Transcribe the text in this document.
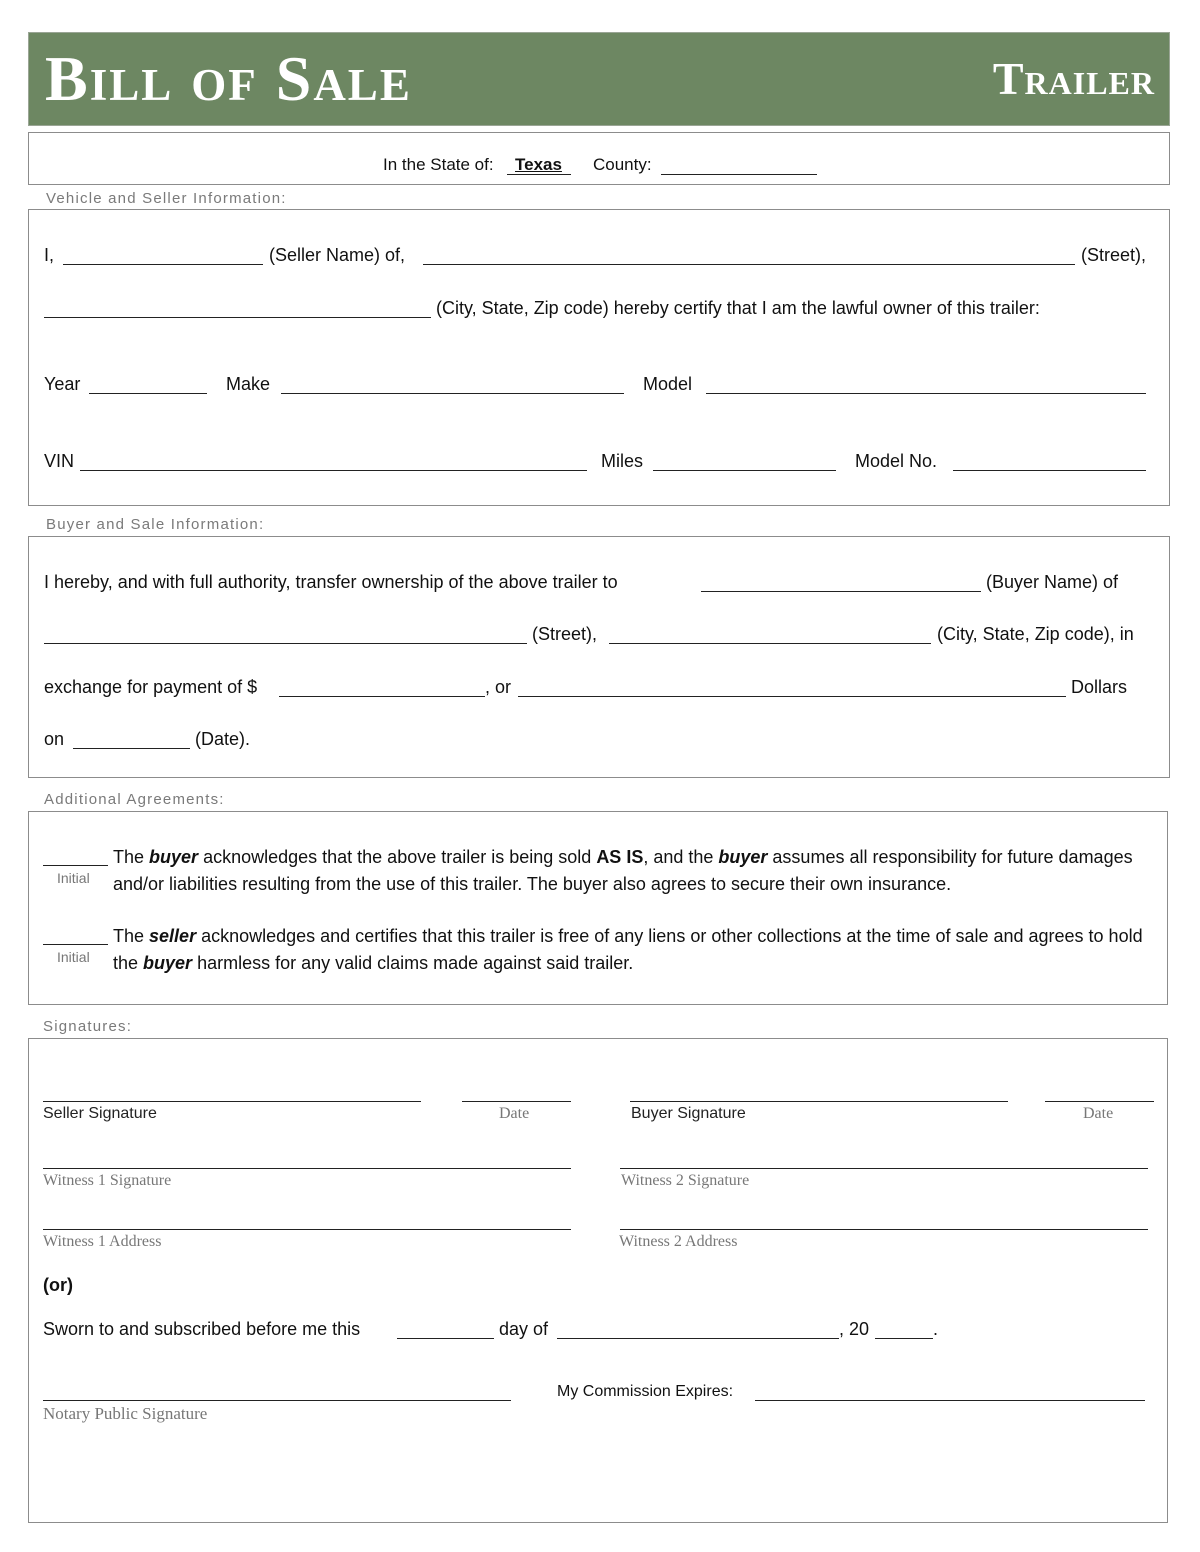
Bill of Sale	Trailer
In the State of: Texas County:
Vehicle and Seller Information:
I,	(Seller Name) of,	(Street),
(City, State, Zip code) hereby certify that I am the lawful owner of this trailer:
Year	Make	Model
VIN	Miles	Model No.
Buyer and Sale Information:
I hereby, and with full authority, transfer ownership of the above trailer to	(Buyer Name) of
(Street),	(City, State, Zip code), in
exchange for payment of $	, or	Dollars
on	(Date).
Additional Agreements:
Initial
The buyer acknowledges that the above trailer is being sold AS IS, and the buyer assumes all responsibility for future damages and/or liabilities resulting from the use of this trailer. The buyer also agrees to secure their own insurance.
Initial
The seller acknowledges and certifies that this trailer is free of any liens or other collections at the time of sale and agrees to hold the buyer harmless for any valid claims made against said trailer.
Signatures:
Seller Signature	Date	Buyer Signature	Date
Witness 1 Signature	Witness 2 Signature
Witness 1 Address	Witness 2 Address
(or)
Sworn to and subscribed before me this	day of	, 20	.
Notary Public Signature
My Commission Expires:
